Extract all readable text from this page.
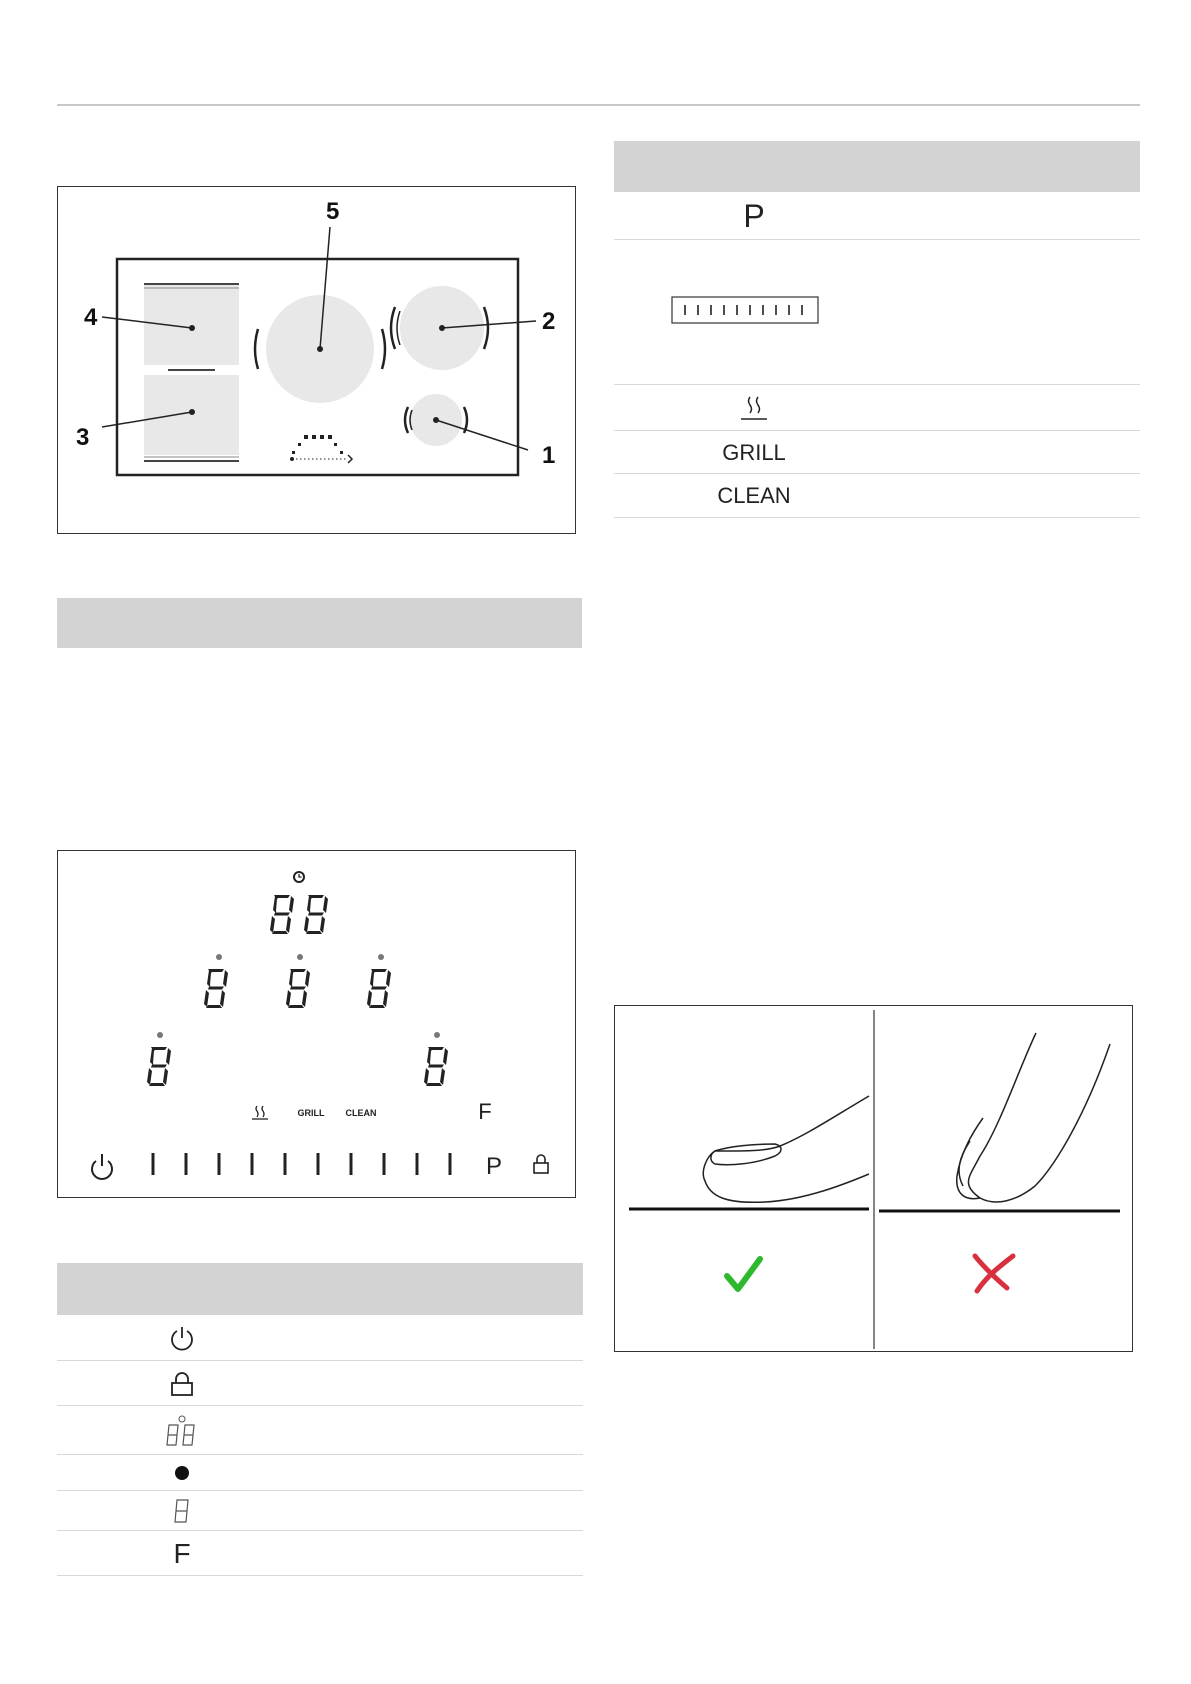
4
3
5
2
1
GRILL CLEAN	F
P
F
P
GRILL
CLEAN
